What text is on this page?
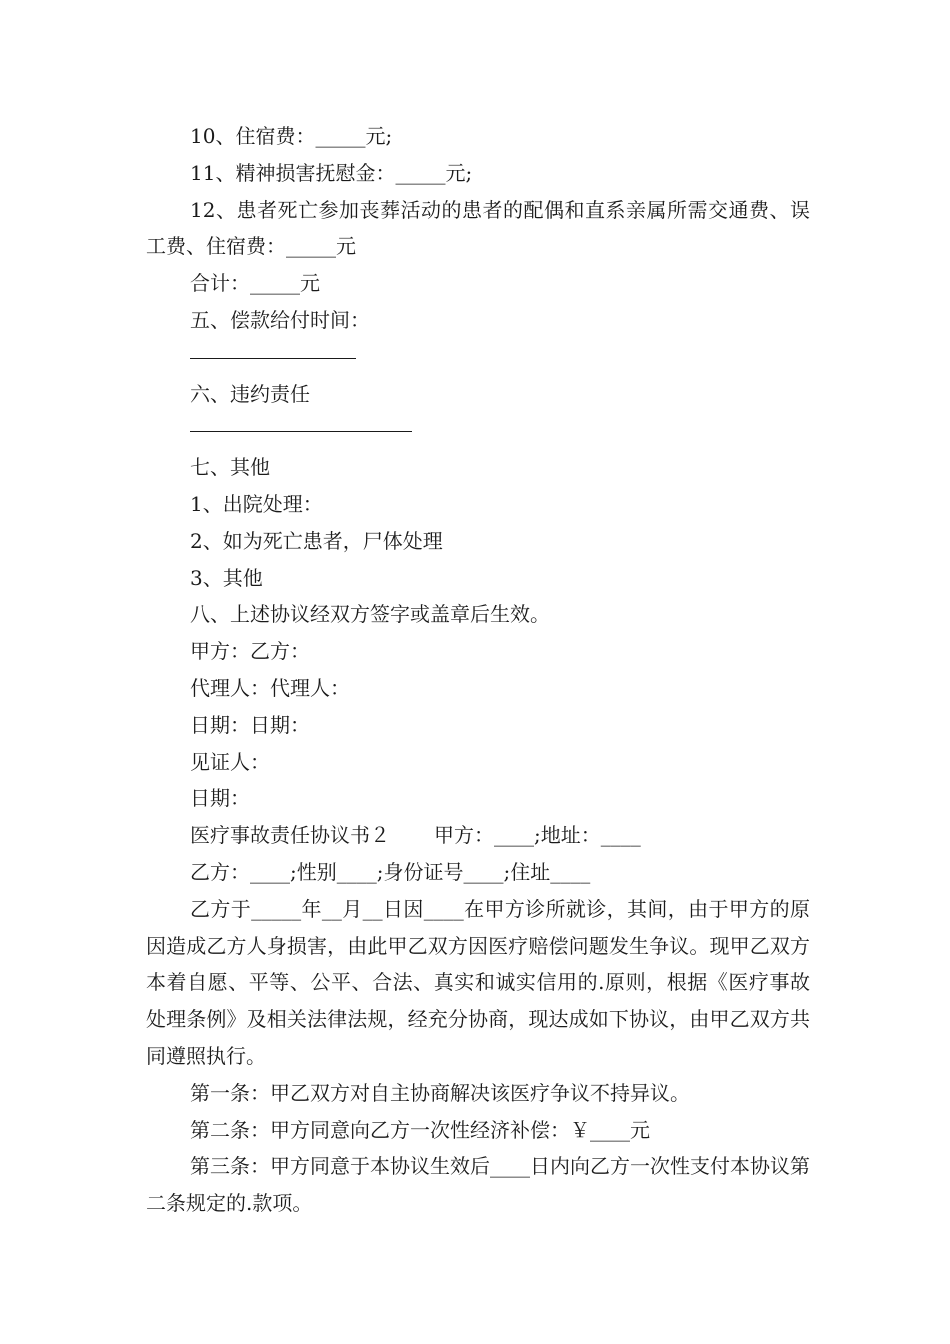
10、住宿费：_____元;
11、精神损害抚慰金：_____元;
12、患者死亡参加丧葬活动的患者的配偶和直系亲属所需交通费、误工费、住宿费：_____元
合计：_____元
五、偿款给付时间：
六、违约责任
七、其他
1、出院处理：
2、如为死亡患者，尸体处理
3、其他
八、上述协议经双方签字或盖章后生效。
甲方：乙方：
代理人：代理人：
日期：日期：
见证人：
日期：
医疗事故责任协议书２ 甲方：____;地址：____
乙方：____;性别____;身份证号____;住址____
乙方于_____年__月__日因____在甲方诊所就诊，其间，由于甲方的原因造成乙方人身损害，由此甲乙双方因医疗赔偿问题发生争议。现甲乙双方本着自愿、平等、公平、合法、真实和诚实信用的.原则，根据《医疗事故处理条例》及相关法律法规，经充分协商，现达成如下协议，由甲乙双方共同遵照执行。
第一条：甲乙双方对自主协商解决该医疗争议不持异议。
第二条：甲方同意向乙方一次性经济补偿：￥____元
第三条：甲方同意于本协议生效后____日内向乙方一次性支付本协议第二条规定的.款项。
